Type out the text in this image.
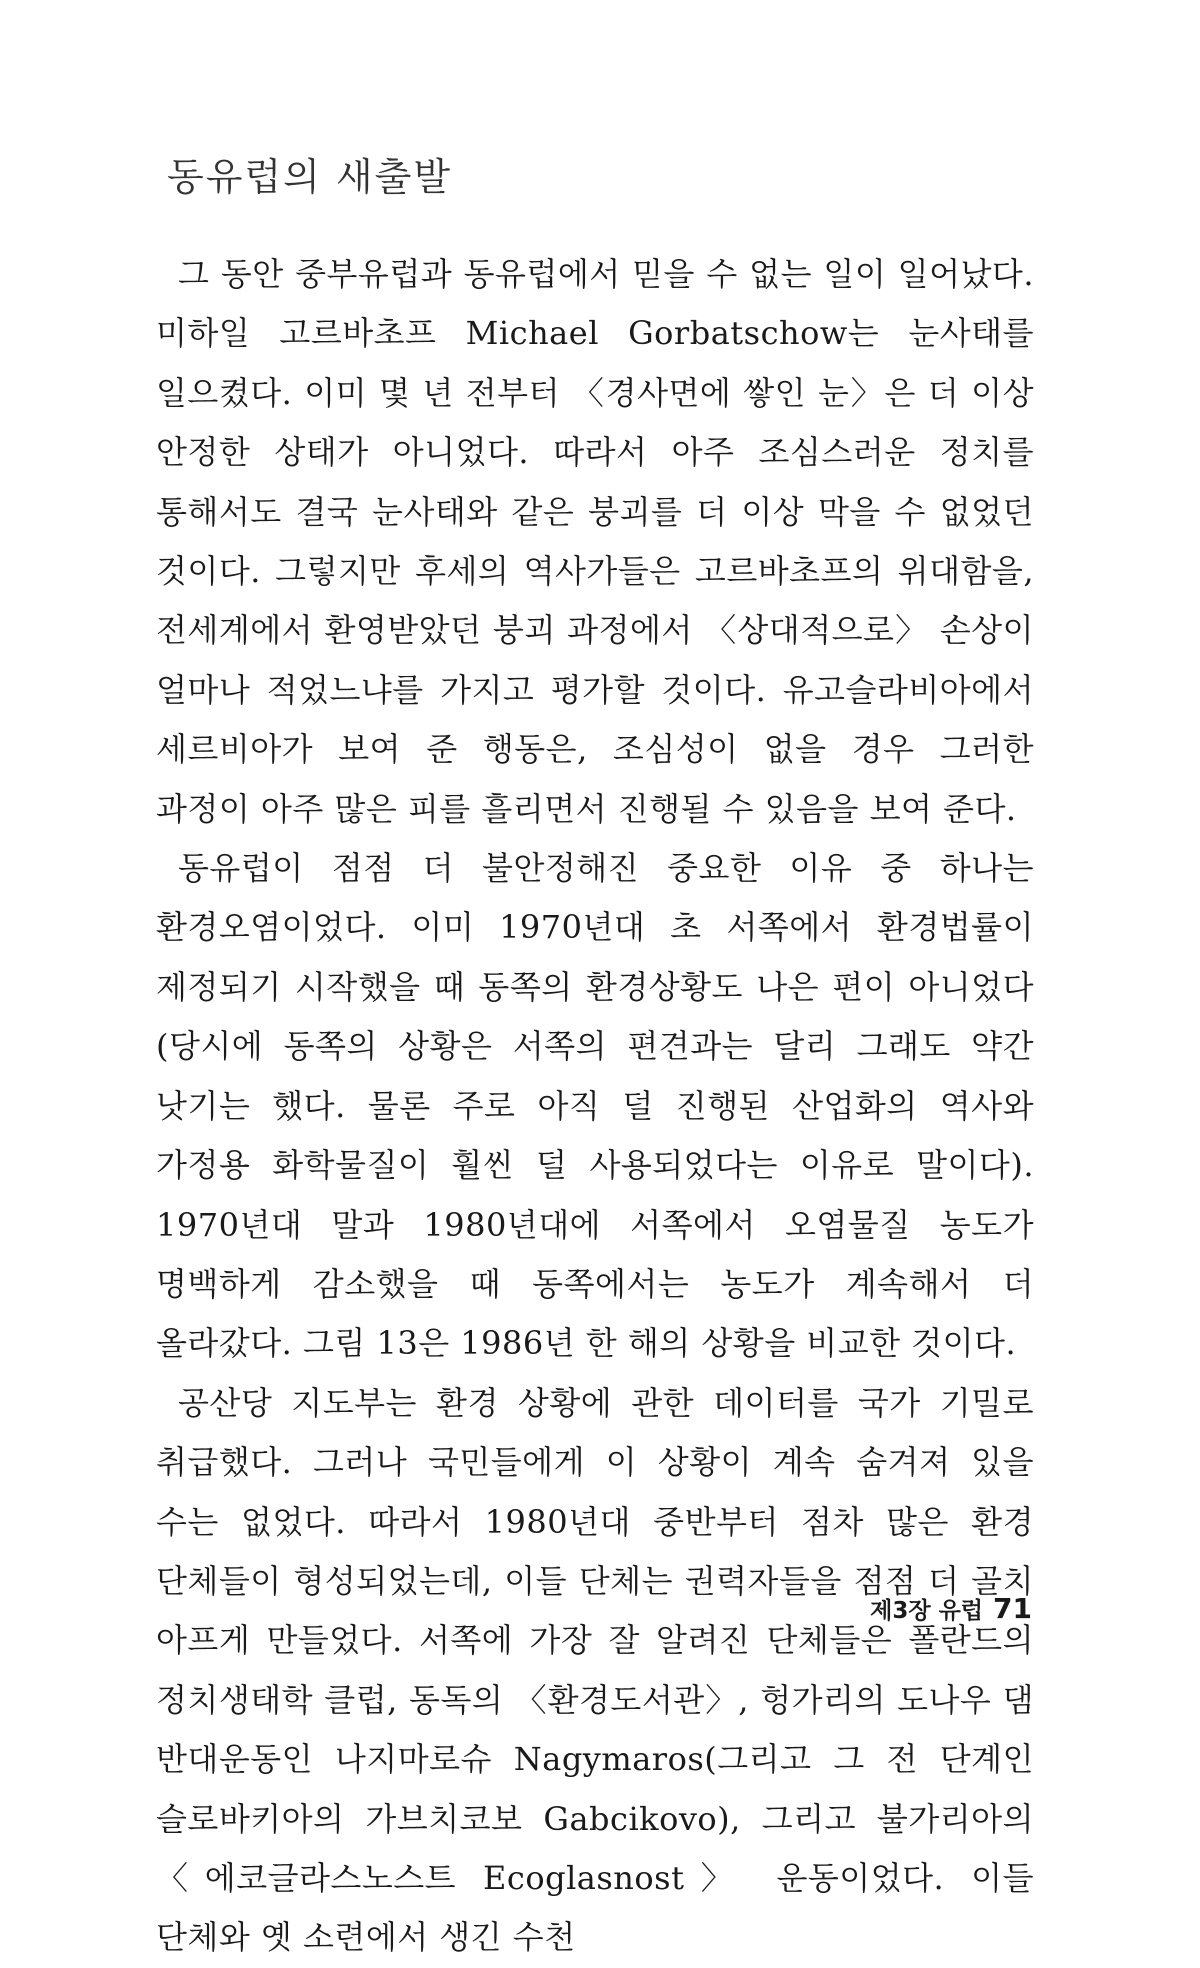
동유럽의 새출발

그 동안 중부유럽과 동유럽에서 믿을 수 없는 일이 일어났다. 미하일 고르바초프 Michael Gorbatschow는 눈사태를 일으켰다. 이미 몇 년 전부터 〈경사면에 쌓인 눈〉은 더 이상 안정한 상태가 아니었다. 따라서 아주 조심스러운 정치를 통해서도 결국 눈사태와 같은 붕괴를 더 이상 막을 수 없었던 것이다. 그렇지만 후세의 역사가들은 고르바초프의 위대함을, 전세계에서 환영받았던 붕괴 과정에서 〈상대적으로〉 손상이 얼마나 적었느냐를 가지고 평가할 것이다. 유고슬라비아에서 세르비아가 보여 준 행동은, 조심성이 없을 경우 그러한 과정이 아주 많은 피를 흘리면서 진행될 수 있음을 보여 준다.

동유럽이 점점 더 불안정해진 중요한 이유 중 하나는 환경오염이었다. 이미 1970년대 초 서쪽에서 환경법률이 제정되기 시작했을 때 동쪽의 환경상황도 나은 편이 아니었다(당시에 동쪽의 상황은 서쪽의 편견과는 달리 그래도 약간 낫기는 했다. 물론 주로 아직 덜 진행된 산업화의 역사와 가정용 화학물질이 훨씬 덜 사용되었다는 이유로 말이다). 1970년대 말과 1980년대에 서쪽에서 오염물질 농도가 명백하게 감소했을 때 동쪽에서는 농도가 계속해서 더 올라갔다. 그림 13은 1986년 한 해의 상황을 비교한 것이다.

공산당 지도부는 환경 상황에 관한 데이터를 국가 기밀로 취급했다. 그러나 국민들에게 이 상황이 계속 숨겨져 있을 수는 없었다. 따라서 1980년대 중반부터 점차 많은 환경 단체들이 형성되었는데, 이들 단체는 권력자들을 점점 더 골치 아프게 만들었다. 서쪽에 가장 잘 알려진 단체들은 폴란드의 정치생태학 클럽, 동독의 〈환경도서관〉, 헝가리의 도나우 댐 반대운동인 나지마로슈 Nagymaros(그리고 그 전 단계인 슬로바키아의 가브치코보 Gabcikovo), 그리고 불가리아의 〈에코글라스노스트 Ecoglasnost〉 운동이었다. 이들 단체와 옛 소련에서 생긴 수천

제3장 유럽 71
